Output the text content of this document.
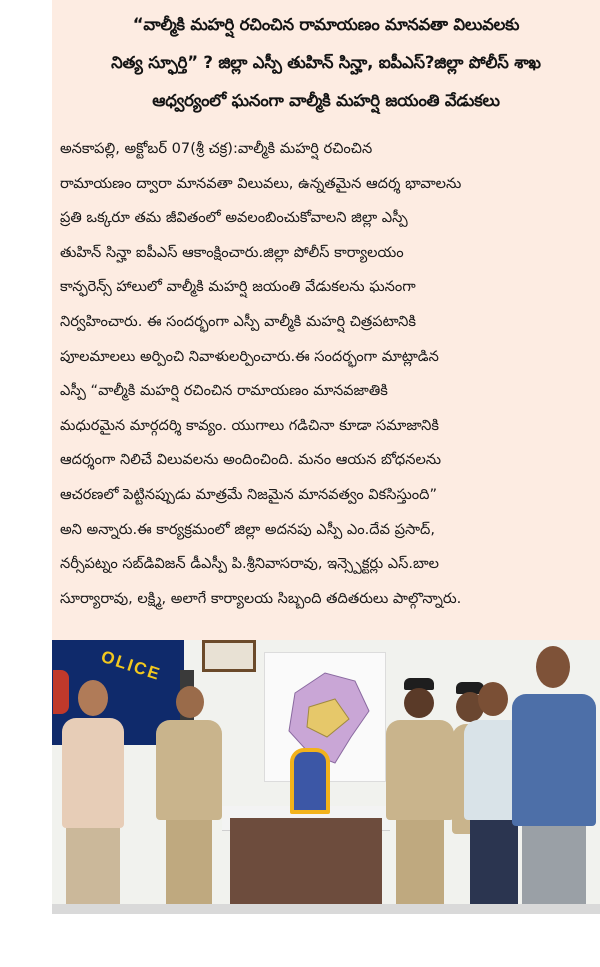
“వాల్మీకి మహర్షి రచించిన రామాయణం మానవతా విలువలకు
నిత్య స్ఫూర్తి” ? జిల్లా ఎస్పీ తుహిన్ సిన్హా, ఐపీఎస్?జిల్లా పోలీస్ శాఖ
ఆధ్వర్యంలో ఘనంగా వాల్మీకి మహర్షి జయంతి వేడుకలు
అనకాపల్లి, అక్టోబర్ 07(శ్రీ చక్ర):వాల్మీకి మహర్షి రచించిన
రామాయణం ద్వారా మానవతా విలువలు, ఉన్నతమైన ఆదర్శ భావాలను
ప్రతి ఒక్కరూ తమ జీవితంలో అవలంబించుకోవాలని జిల్లా ఎస్పీ
తుహిన్ సిన్హా ఐపీఎస్ ఆకాంక్షించారు.జిల్లా పోలీస్ కార్యాలయం
కాన్ఫరెన్స్ హాలులో వాల్మీకి మహర్షి జయంతి వేడుకలను ఘనంగా
నిర్వహించారు. ఈ సందర్భంగా ఎస్పీ వాల్మీకి మహర్షి చిత్రపటానికి
పూలమాలలు అర్పించి నివాళులర్పించారు.ఈ సందర్భంగా మాట్లాడిన
ఎస్పీ “వాల్మీకి మహర్షి రచించిన రామాయణం మానవజాతికి
మధురమైన మార్గదర్శి కావ్యం. యుగాలు గడిచినా కూడా సమాజానికి
ఆదర్శంగా నిలిచే విలువలను అందించింది. మనం ఆయన బోధనలను
ఆచరణలో పెట్టినప్పుడు మాత్రమే నిజమైన మానవత్వం వికసిస్తుంది”
అని అన్నారు.ఈ కార్యక్రమంలో జిల్లా అదనపు ఎస్పీ ఎం.దేవ ప్రసాద్,
నర్సీపట్నం సబ్‌డివిజన్ డీఎస్పీ పి.శ్రీనివాసరావు, ఇన్స్పెక్టర్లు ఎస్.బాల
సూర్యారావు, లక్ష్మి, అలాగే కార్యాలయ సిబ్బంది తదితరులు పాల్గొన్నారు.
OLICE
